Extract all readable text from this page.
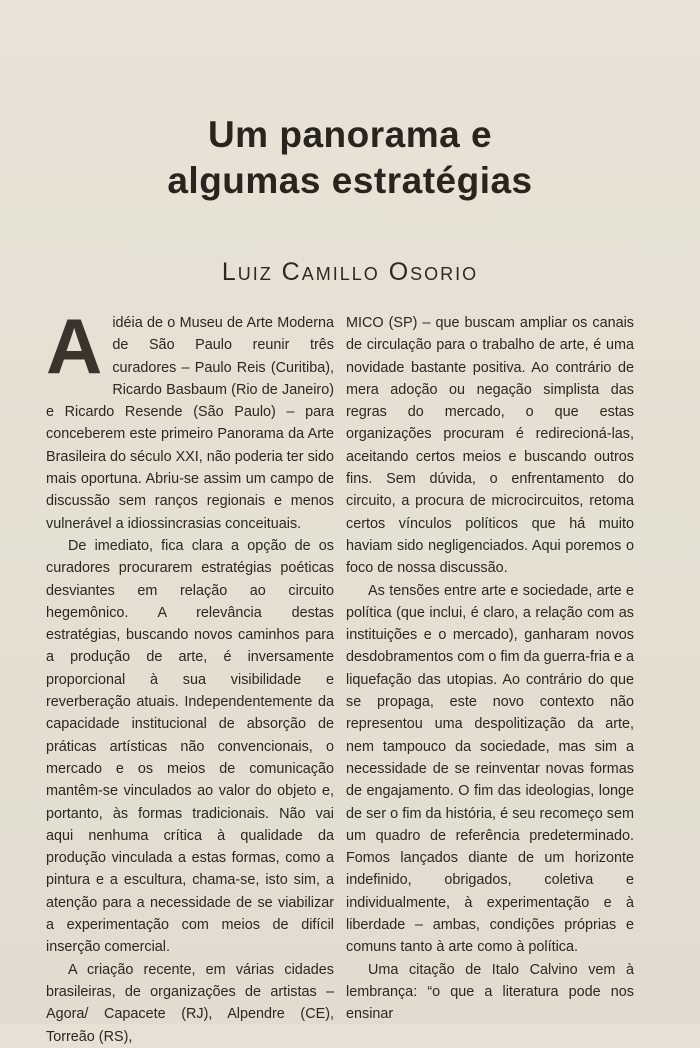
Um panorama e
algumas estratégias
Luiz Camillo Osorio

Aidéia de o Museu de Arte Moderna de São Paulo reunir três curadores – Paulo Reis (Curitiba), Ricardo Basbaum (Rio de Janeiro) e Ricardo Resende (São Paulo) – para conceberem este primeiro Panorama da Arte Brasileira do século XXI, não poderia ter sido mais oportuna. Abriu-se assim um campo de discussão sem ranços regionais e menos vulnerável a idiossincrasias conceituais.

De imediato, fica clara a opção de os curadores procurarem estratégias poéticas desviantes em relação ao circuito hegemônico. A relevância destas estratégias, buscando novos caminhos para a produção de arte, é inversamente proporcional à sua visibilidade e reverberação atuais. Independentemente da capacidade institucional de absorção de práticas artísticas não convencionais, o mercado e os meios de comunicação mantêm-se vinculados ao valor do objeto e, portanto, às formas tradicionais. Não vai aqui nenhuma crítica à qualidade da produção vinculada a estas formas, como a pintura e a escultura, chama-se, isto sim, a atenção para a necessidade de se viabilizar a experimentação com meios de difícil inserção comercial.

A criação recente, em várias cidades brasileiras, de organizações de artistas – Agora/ Capacete (RJ), Alpendre (CE), Torreão (RS),

MICO (SP) – que buscam ampliar os canais de circulação para o trabalho de arte, é uma novidade bastante positiva. Ao contrário de mera adoção ou negação simplista das regras do mercado, o que estas organizações procuram é redirecioná-las, aceitando certos meios e buscando outros fins. Sem dúvida, o enfrentamento do circuito, a procura de microcircuitos, retoma certos vínculos políticos que há muito haviam sido negligenciados. Aqui poremos o foco de nossa discussão.

As tensões entre arte e sociedade, arte e política (que inclui, é claro, a relação com as instituições e o mercado), ganharam novos desdobramentos com o fim da guerra-fria e a liquefação das utopias. Ao contrário do que se propaga, este novo contexto não representou uma despolitização da arte, nem tampouco da sociedade, mas sim a necessidade de se reinventar novas formas de engajamento. O fim das ideologias, longe de ser o fim da história, é seu recomeço sem um quadro de referência predeterminado. Fomos lançados diante de um horizonte indefinido, obrigados, coletiva e individualmente, à experimentação e à liberdade – ambas, condições próprias e comuns tanto à arte como à política.

Uma citação de Italo Calvino vem à lembrança: “o que a literatura pode nos ensinar
